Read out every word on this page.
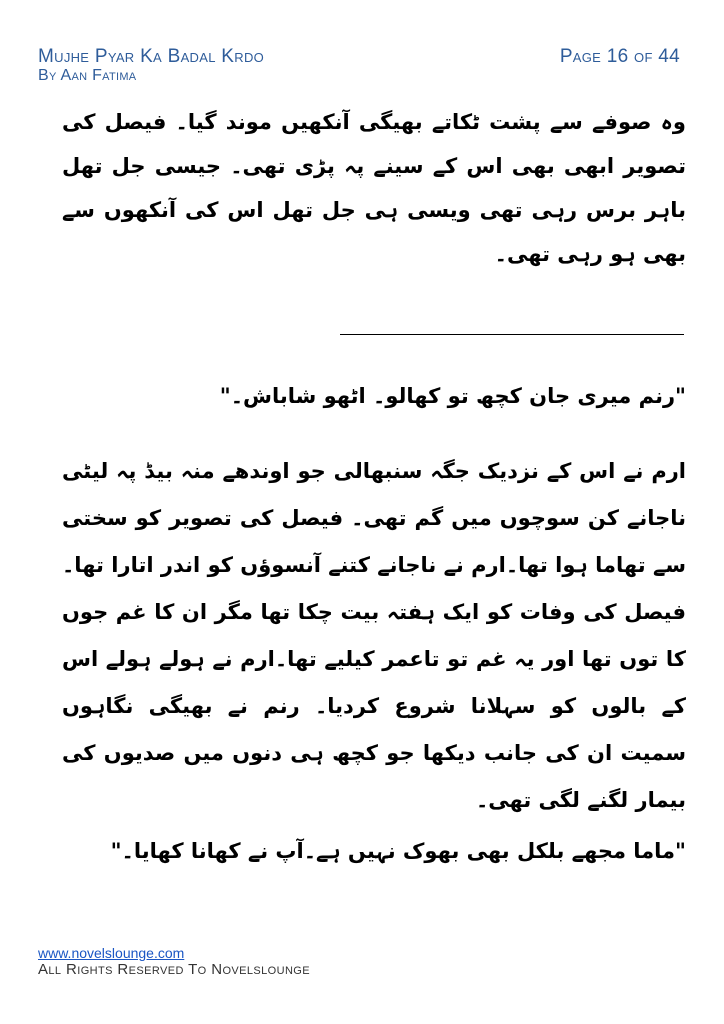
Mujhe Pyar Ka Badal Krdo
By Aan Fatima
Page 16 of 44
وہ صوفے سے پشت ٹکاتے بھیگی آنکھیں موند گیا۔ فیصل کی تصویر ابھی بھی اس کے سینے پہ پڑی تھی۔ جیسی جل تھل باہر برس رہی تھی ویسی ہی جل تھل اس کی آنکھوں سے بھی ہو رہی تھی۔
"رنم میری جان کچھ تو کھالو۔ اٹھو شاباش۔"
ارم نے اس کے نزدیک جگہ سنبھالی جو اوندھے منہ بیڈ پہ لیٹی ناجانے کن سوچوں میں گم تھی۔ فیصل کی تصویر کو سختی سے تھاما ہوا تھا۔ارم نے ناجانے کتنے آنسوؤں کو اندر اتارا تھا۔ فیصل کی وفات کو ایک ہفتہ بیت چکا تھا مگر ان کا غم جوں کا توں تھا اور یہ غم تو تاعمر کیلیے تھا۔ارم نے ہولے ہولے اس کے بالوں کو سہلانا شروع کردیا۔ رنم نے بھیگی نگاہوں سمیت ان کی جانب دیکھا جو کچھ ہی دنوں میں صدیوں کی بیمار لگنے لگی تھی۔
"ماما مجھے بلکل بھی بھوک نہیں ہے۔آپ نے کھانا کھایا۔"
www.novelslounge.com
All Rights Reserved To Novelslounge
